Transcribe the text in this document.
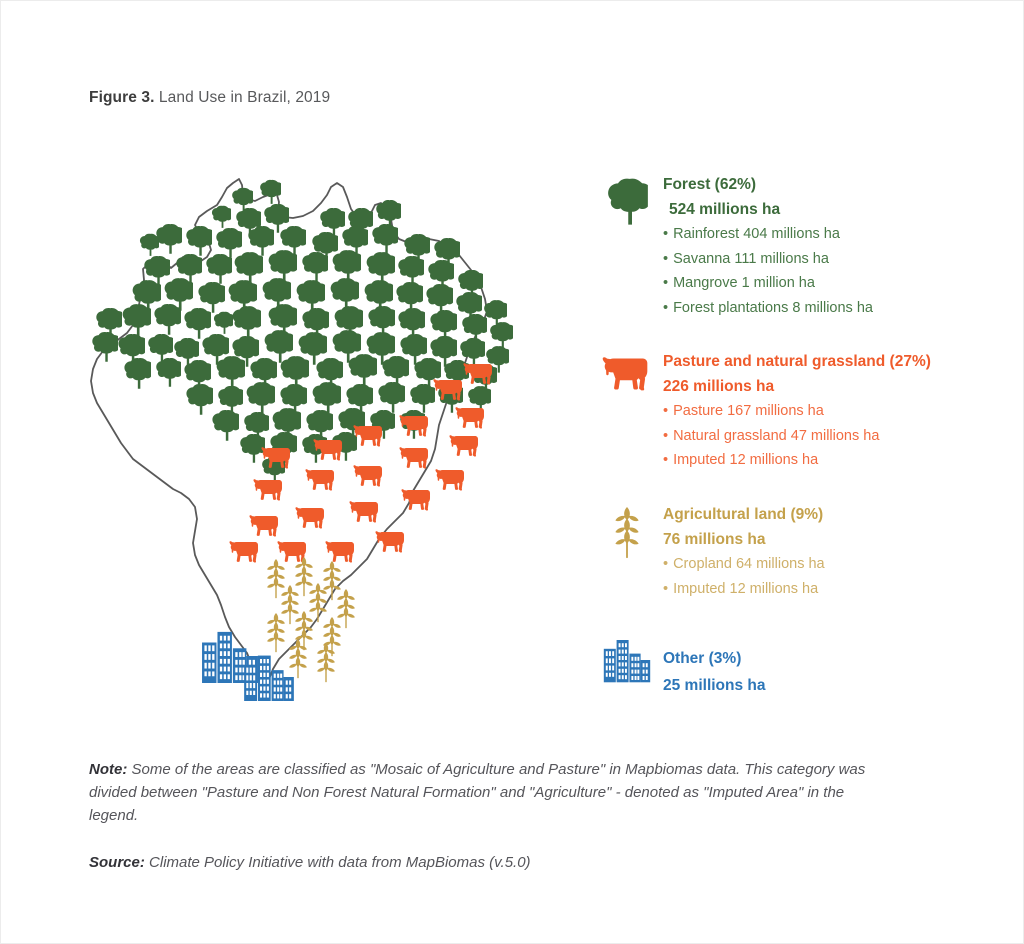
Figure 3. Land Use in Brazil, 2019
Forest (62%)
524 millions ha
• Rainforest 404 millions ha
• Savanna 111 millions ha
• Mangrove 1 million ha
• Forest plantations 8 millions ha
Pasture and natural grassland (27%)
226 millions ha
• Pasture 167 millions ha
• Natural grassland 47 millions ha
• Imputed 12 millions ha
Agricultural land (9%)
76 millions ha
• Cropland 64 millions ha
• Imputed 12 millions ha
Other (3%)
25 millions ha

Note: Some of the areas are classified as "Mosaic of Agriculture and Pasture" in Mapbiomas data. This category was divided between "Pasture and Non Forest Natural Formation" and "Agriculture" - denoted as "Imputed Area" in the legend.

Source: Climate Policy Initiative with data from MapBiomas (v.5.0)
